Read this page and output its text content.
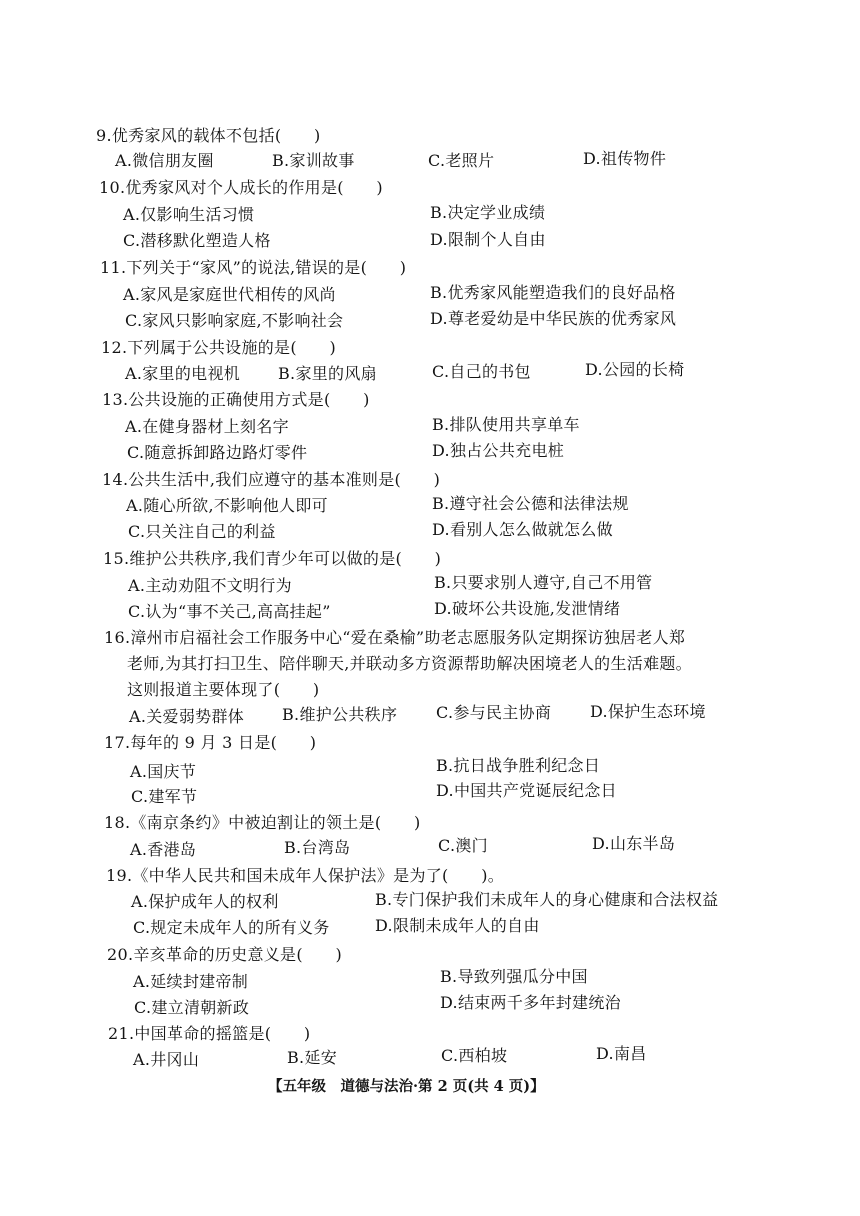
9.优秀家风的载体不包括(　　)
A.微信朋友圈	B.家训故事	C.老照片	D.祖传物件
10.优秀家风对个人成长的作用是(　　)
A.仅影响生活习惯	B.决定学业成绩
C.潜移默化塑造人格	D.限制个人自由
11.下列关于“家风”的说法,错误的是(　　)
A.家风是家庭世代相传的风尚	B.优秀家风能塑造我们的良好品格
C.家风只影响家庭,不影响社会	D.尊老爱幼是中华民族的优秀家风
12.下列属于公共设施的是(　　)
A.家里的电视机 B.家里的风扇	C.自己的书包	D.公园的长椅
13.公共设施的正确使用方式是(　　)
A.在健身器材上刻名字	B.排队使用共享单车
C.随意拆卸路边路灯零件	D.独占公共充电桩
14.公共生活中,我们应遵守的基本准则是(　　)
A.随心所欲,不影响他人即可	B.遵守社会公德和法律法规
C.只关注自己的利益	D.看别人怎么做就怎么做
15.维护公共秩序,我们青少年可以做的是(　　)
A.主动劝阻不文明行为	B.只要求别人遵守,自己不用管
C.认为“事不关己,高高挂起”	D.破坏公共设施,发泄情绪
16.漳州市启福社会工作服务中心“爱在桑榆”助老志愿服务队定期探访独居老人郑
老师,为其打扫卫生、陪伴聊天,并联动多方资源帮助解决困境老人的生活难题。
这则报道主要体现了(　　)
A.关爱弱势群体 B.维护公共秩序 C.参与民主协商 D.保护生态环境
17.每年的 9 月 3 日是(　　)
A.国庆节	B.抗日战争胜利纪念日
C.建军节	D.中国共产党诞辰纪念日
18.《南京条约》中被迫割让的领土是(　　)
A.香港岛	B.台湾岛	C.澳门	D.山东半岛
19.《中华人民共和国未成年人保护法》是为了(　　)。
A.保护成年人的权利	B.专门保护我们未成年人的身心健康和合法权益
C.规定未成年人的所有义务	D.限制未成年人的自由
20.辛亥革命的历史意义是(　　)
A.延续封建帝制	B.导致列强瓜分中国
C.建立清朝新政	D.结束两千多年封建统治
21.中国革命的摇篮是(　　)
A.井冈山	B.延安	C.西柏坡	D.南昌
【五年级　道德与法治·第 2 页(共 4 页)】
